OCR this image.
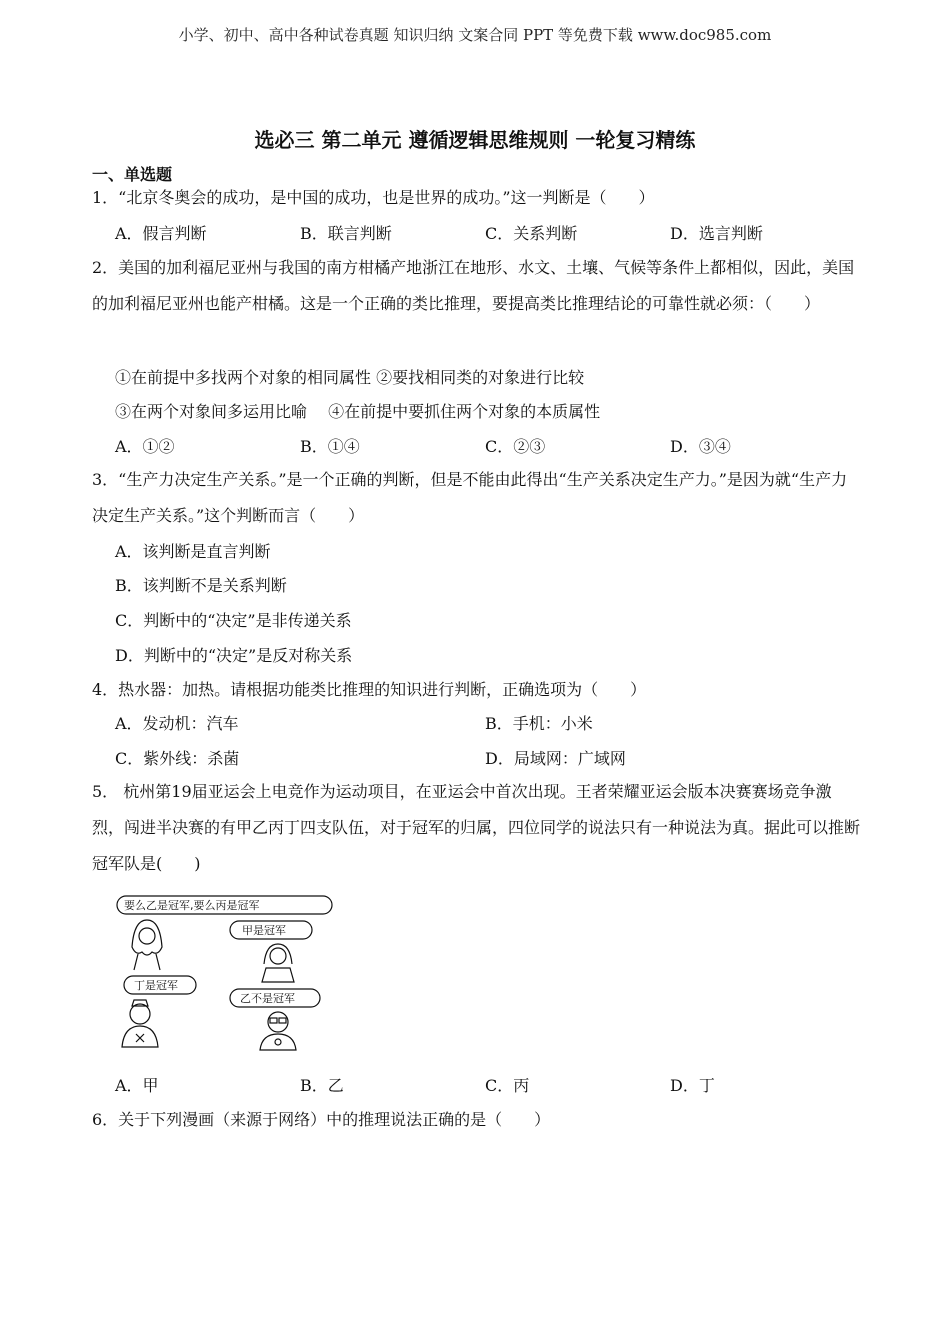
小学、初中、高中各种试卷真题 知识归纳 文案合同 PPT 等免费下载 www.doc985.com
选必三 第二单元 遵循逻辑思维规则 一轮复习精练
一、单选题
1．“北京冬奥会的成功，是中国的成功，也是世界的成功。”这一判断是（　　）
A．假言判断	B．联言判断	C．关系判断	D．选言判断
2．美国的加利福尼亚州与我国的南方柑橘产地浙江在地形、水文、土壤、气候等条件上都相似，因此，美国的加利福尼亚州也能产柑橘。这是一个正确的类比推理，要提高类比推理结论的可靠性就必须：（　　）
①在前提中多找两个对象的相同属性 ②要找相同类的对象进行比较
③在两个对象间多运用比喻　 ④在前提中要抓住两个对象的本质属性
A．①②	B．①④	C．②③	D．③④
3．“生产力决定生产关系。”是一个正确的判断，但是不能由此得出“生产关系决定生产力。”是因为就“生产力决定生产关系。”这个判断而言（　　）
A．该判断是直言判断
B．该判断不是关系判断
C．判断中的“决定”是非传递关系
D．判断中的“决定”是反对称关系
4．热水器：加热。请根据功能类比推理的知识进行判断，正确选项为（　　）
A．发动机：汽车	B．手机：小米
C．紫外线：杀菌	D．局域网：广域网
5． 杭州第19届亚运会上电竞作为运动项目，在亚运会中首次出现。王者荣耀亚运会版本决赛赛场竞争激烈，闯进半决赛的有甲乙丙丁四支队伍，对于冠军的归属，四位同学的说法只有一种说法为真。据此可以推断冠军队是(　　)
要么乙是冠军,要么丙是冠军
甲是冠军
丁是冠军
乙不是冠军
A．甲	B．乙	C．丙	D．丁
6．关于下列漫画（来源于网络）中的推理说法正确的是（　　）
